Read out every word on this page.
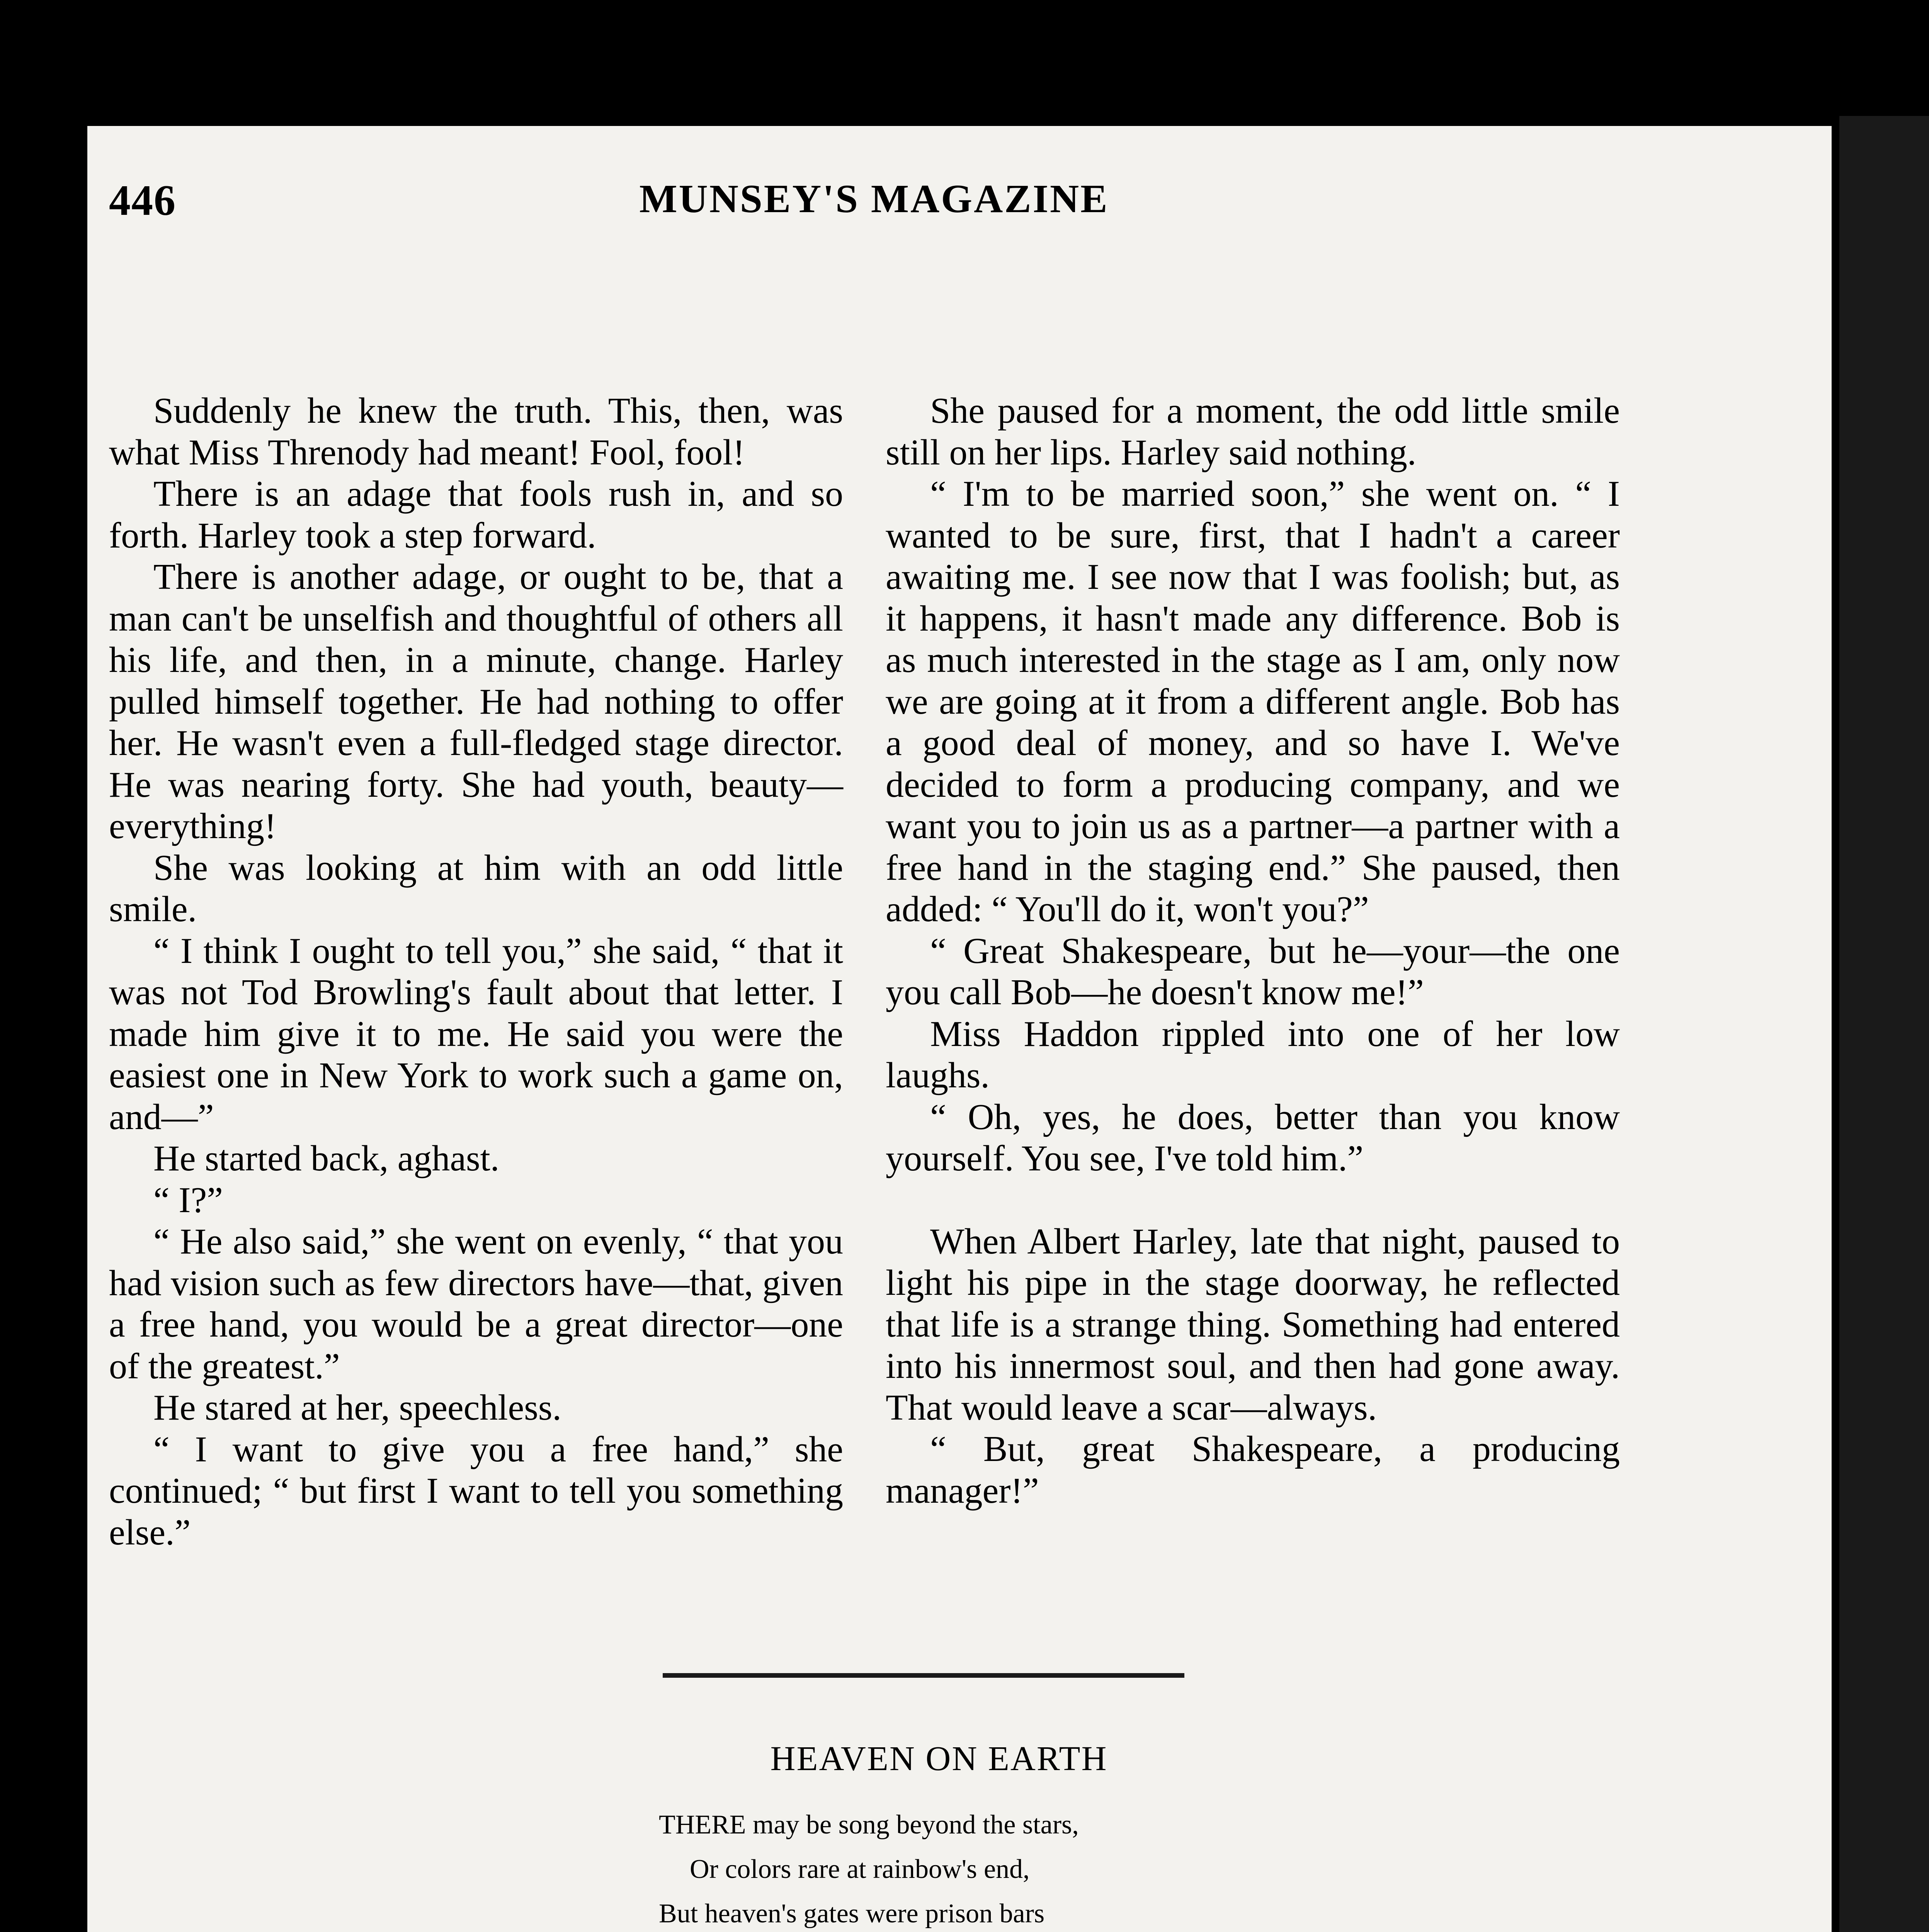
446	MUNSEY'S MAGAZINE

Suddenly he knew the truth. This, then, was what Miss Threnody had meant! Fool, fool!

There is an adage that fools rush in, and so forth. Harley took a step forward.

There is another adage, or ought to be, that a man can't be unselfish and thoughtful of others all his life, and then, in a minute, change. Harley pulled himself together. He had nothing to offer her. He wasn't even a full-fledged stage director. He was nearing forty. She had youth, beauty—everything!

She was looking at him with an odd little smile.

“ I think I ought to tell you,” she said, “ that it was not Tod Browling's fault about that letter. I made him give it to me. He said you were the easiest one in New York to work such a game on, and—”

He started back, aghast.

“ I?”

“ He also said,” she went on evenly, “ that you had vision such as few directors have—that, given a free hand, you would be a great director—one of the greatest.”

He stared at her, speechless.

“ I want to give you a free hand,” she continued; “ but first I want to tell you something else.”

She paused for a moment, the odd little smile still on her lips. Harley said nothing.

“ I'm to be married soon,” she went on. “ I wanted to be sure, first, that I hadn't a career awaiting me. I see now that I was foolish; but, as it happens, it hasn't made any difference. Bob is as much interested in the stage as I am, only now we are going at it from a different angle. Bob has a good deal of money, and so have I. We've decided to form a producing company, and we want you to join us as a partner—a partner with a free hand in the staging end.” She paused, then added: “ You'll do it, won't you?”

“ Great Shakespeare, but he—your—the one you call Bob—he doesn't know me!”

Miss Haddon rippled into one of her low laughs.

“ Oh, yes, he does, better than you know yourself. You see, I've told him.”

When Albert Harley, late that night, paused to light his pipe in the stage doorway, he reflected that life is a strange thing. Something had entered into his innermost soul, and then had gone away. That would leave a scar—always.

“ But, great Shakespeare, a producing manager!”

HEAVEN ON EARTH
THERE may be song beyond the stars,
Or colors rare at rainbow's end,
But heaven's gates were prison bars
